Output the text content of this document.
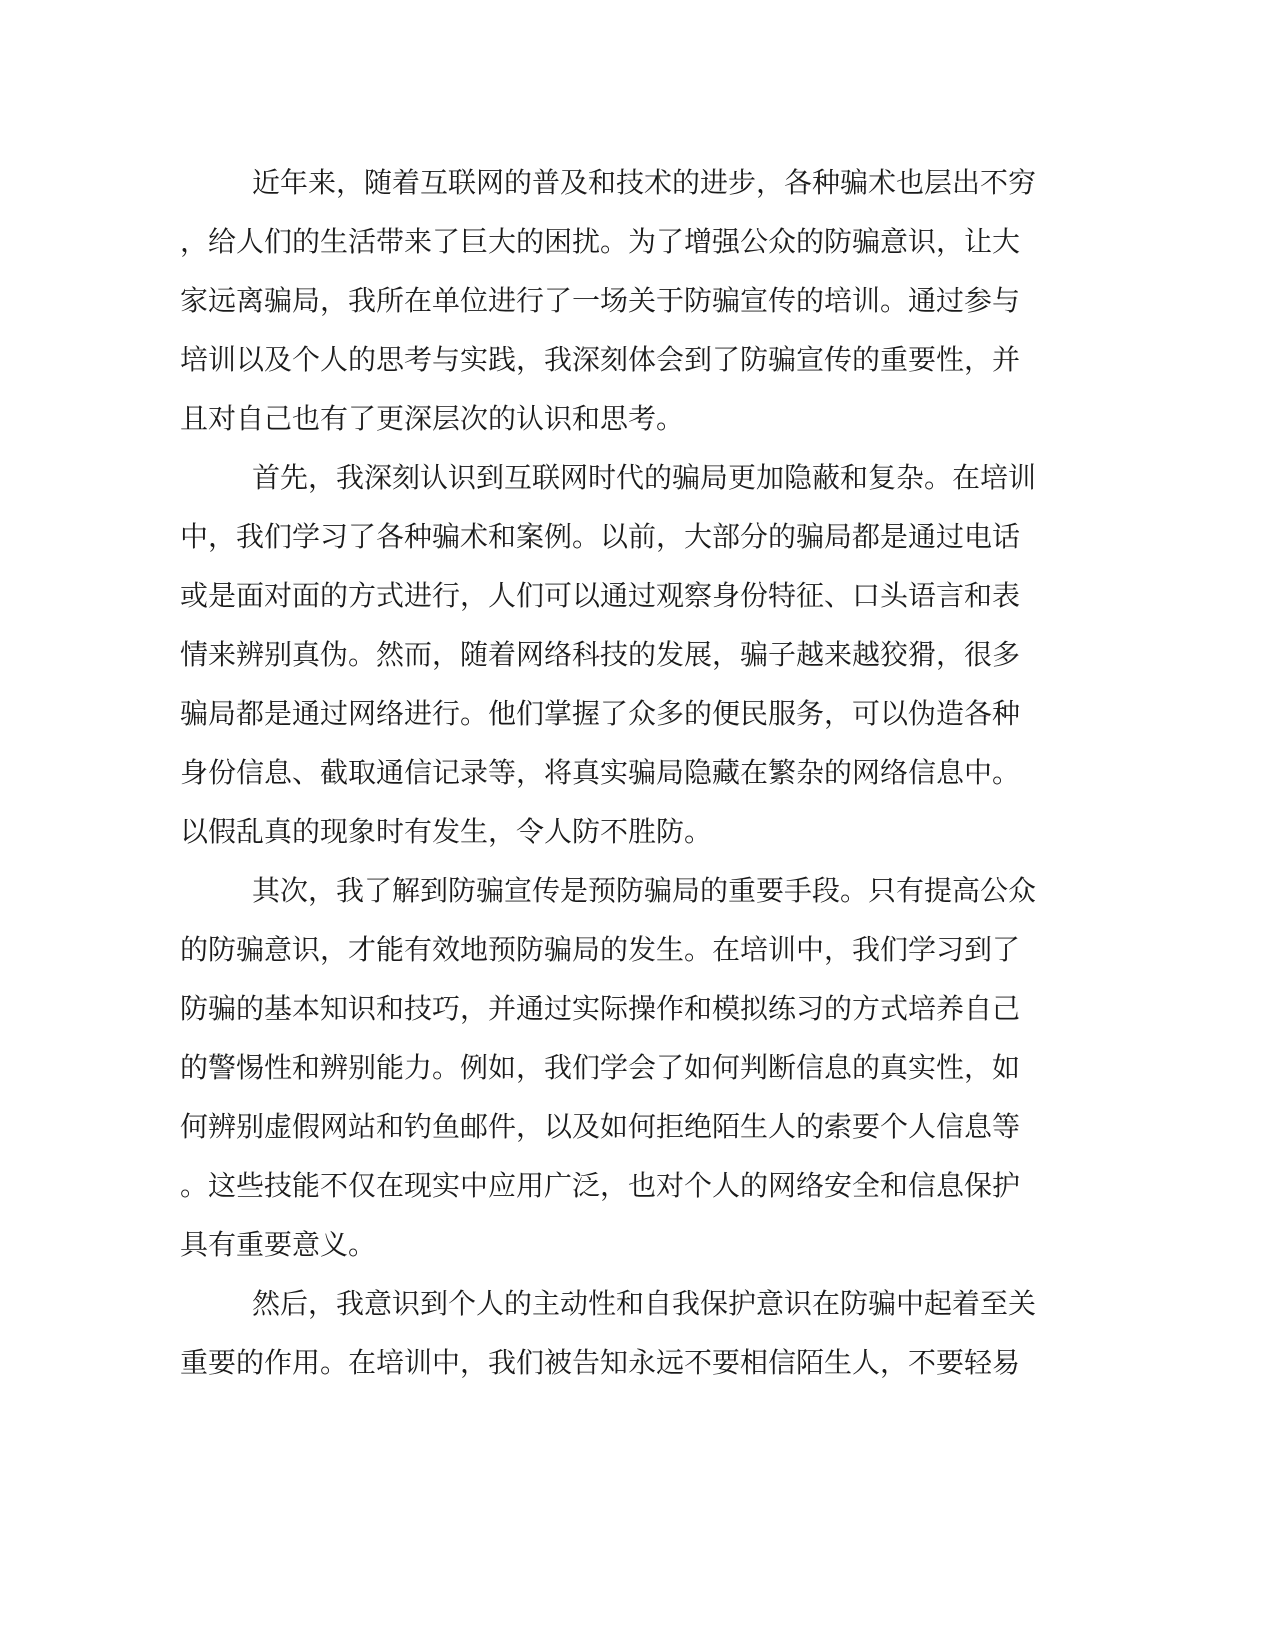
近年来，随着互联网的普及和技术的进步，各种骗术也层出不穷
，给人们的生活带来了巨大的困扰。为了增强公众的防骗意识，让大
家远离骗局，我所在单位进行了一场关于防骗宣传的培训。通过参与
培训以及个人的思考与实践，我深刻体会到了防骗宣传的重要性，并
且对自己也有了更深层次的认识和思考。
首先，我深刻认识到互联网时代的骗局更加隐蔽和复杂。在培训
中，我们学习了各种骗术和案例。以前，大部分的骗局都是通过电话
或是面对面的方式进行，人们可以通过观察身份特征、口头语言和表
情来辨别真伪。然而，随着网络科技的发展，骗子越来越狡猾，很多
骗局都是通过网络进行。他们掌握了众多的便民服务，可以伪造各种
身份信息、截取通信记录等，将真实骗局隐藏在繁杂的网络信息中。
以假乱真的现象时有发生，令人防不胜防。
其次，我了解到防骗宣传是预防骗局的重要手段。只有提高公众
的防骗意识，才能有效地预防骗局的发生。在培训中，我们学习到了
防骗的基本知识和技巧，并通过实际操作和模拟练习的方式培养自己
的警惕性和辨别能力。例如，我们学会了如何判断信息的真实性，如
何辨别虚假网站和钓鱼邮件，以及如何拒绝陌生人的索要个人信息等
。这些技能不仅在现实中应用广泛，也对个人的网络安全和信息保护
具有重要意义。
然后，我意识到个人的主动性和自我保护意识在防骗中起着至关
重要的作用。在培训中，我们被告知永远不要相信陌生人，不要轻易
